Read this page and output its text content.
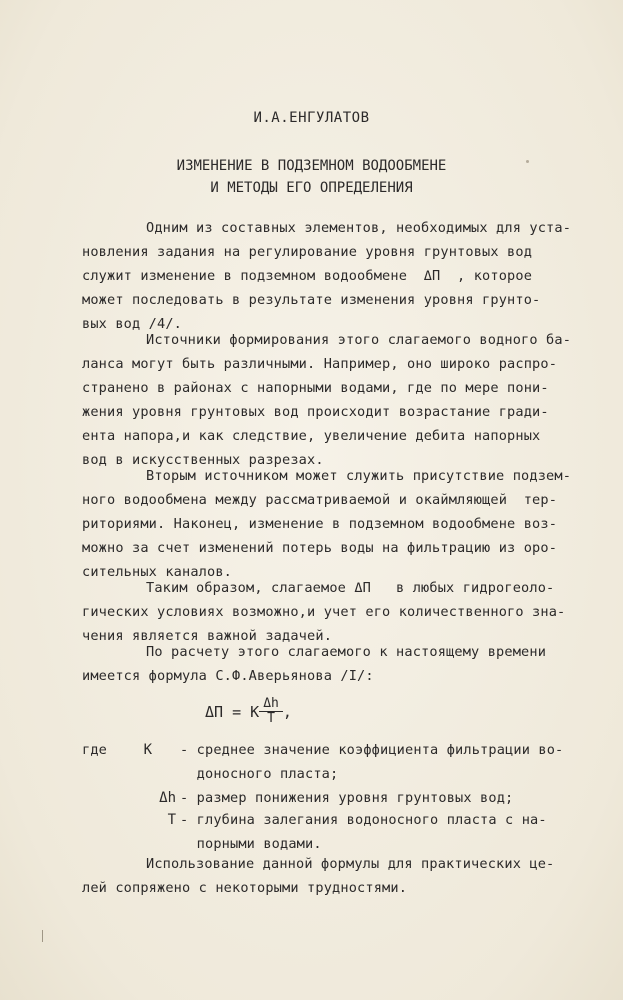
И.А.ЕНГУЛАТОВ
ИЗМЕНЕНИЕ В ПОДЗЕМНОМ ВОДООБМЕНЕ
И МЕТОДЫ ЕГО ОПРЕДЕЛЕНИЯ
Одним из составных элементов, необходимых для уста-
новления задания на регулирование уровня грунтовых вод
служит изменение в подземном водообмене  ΔП  , которое
может последовать в результате изменения уровня грунто-
вых вод /4/.
Источники формирования этого слагаемого водного ба-
ланса могут быть различными. Например, оно широко распро-
странено в районах с напорными водами, где по мере пони-
жения уровня грунтовых вод происходит возрастание гради-
ента напора,и как следствие, увеличение дебита напорных
вод в искусственных разрезах.
Вторым источником может служить присутствие подзем-
ного водообмена между рассматриваемой и окаймляющей  тер-
риториями. Наконец, изменение в подземном водообмене воз-
можно за счет изменений потерь воды на фильтрацию из оро-
сительных каналов.
Таким образом, слагаемое ΔП   в любых гидрогеоло-
гических условиях возможно,и учет его количественного зна-
чения является важной задачей.
По расчету этого слагаемого к настоящему времени
имеется формула С.Ф.Аверьянова /I/:
ΔП = K $\frac{\Delta h}{T}$ ,
где	K - среднее значение коэффициента фильтрации во-
доносного пласта;
Δh - размер понижения уровня грунтовых вод;
T - глубина залегания водоносного пласта с на-
порными водами.
Использование данной формулы для практических це-
лей сопряжено с некоторыми трудностями.
